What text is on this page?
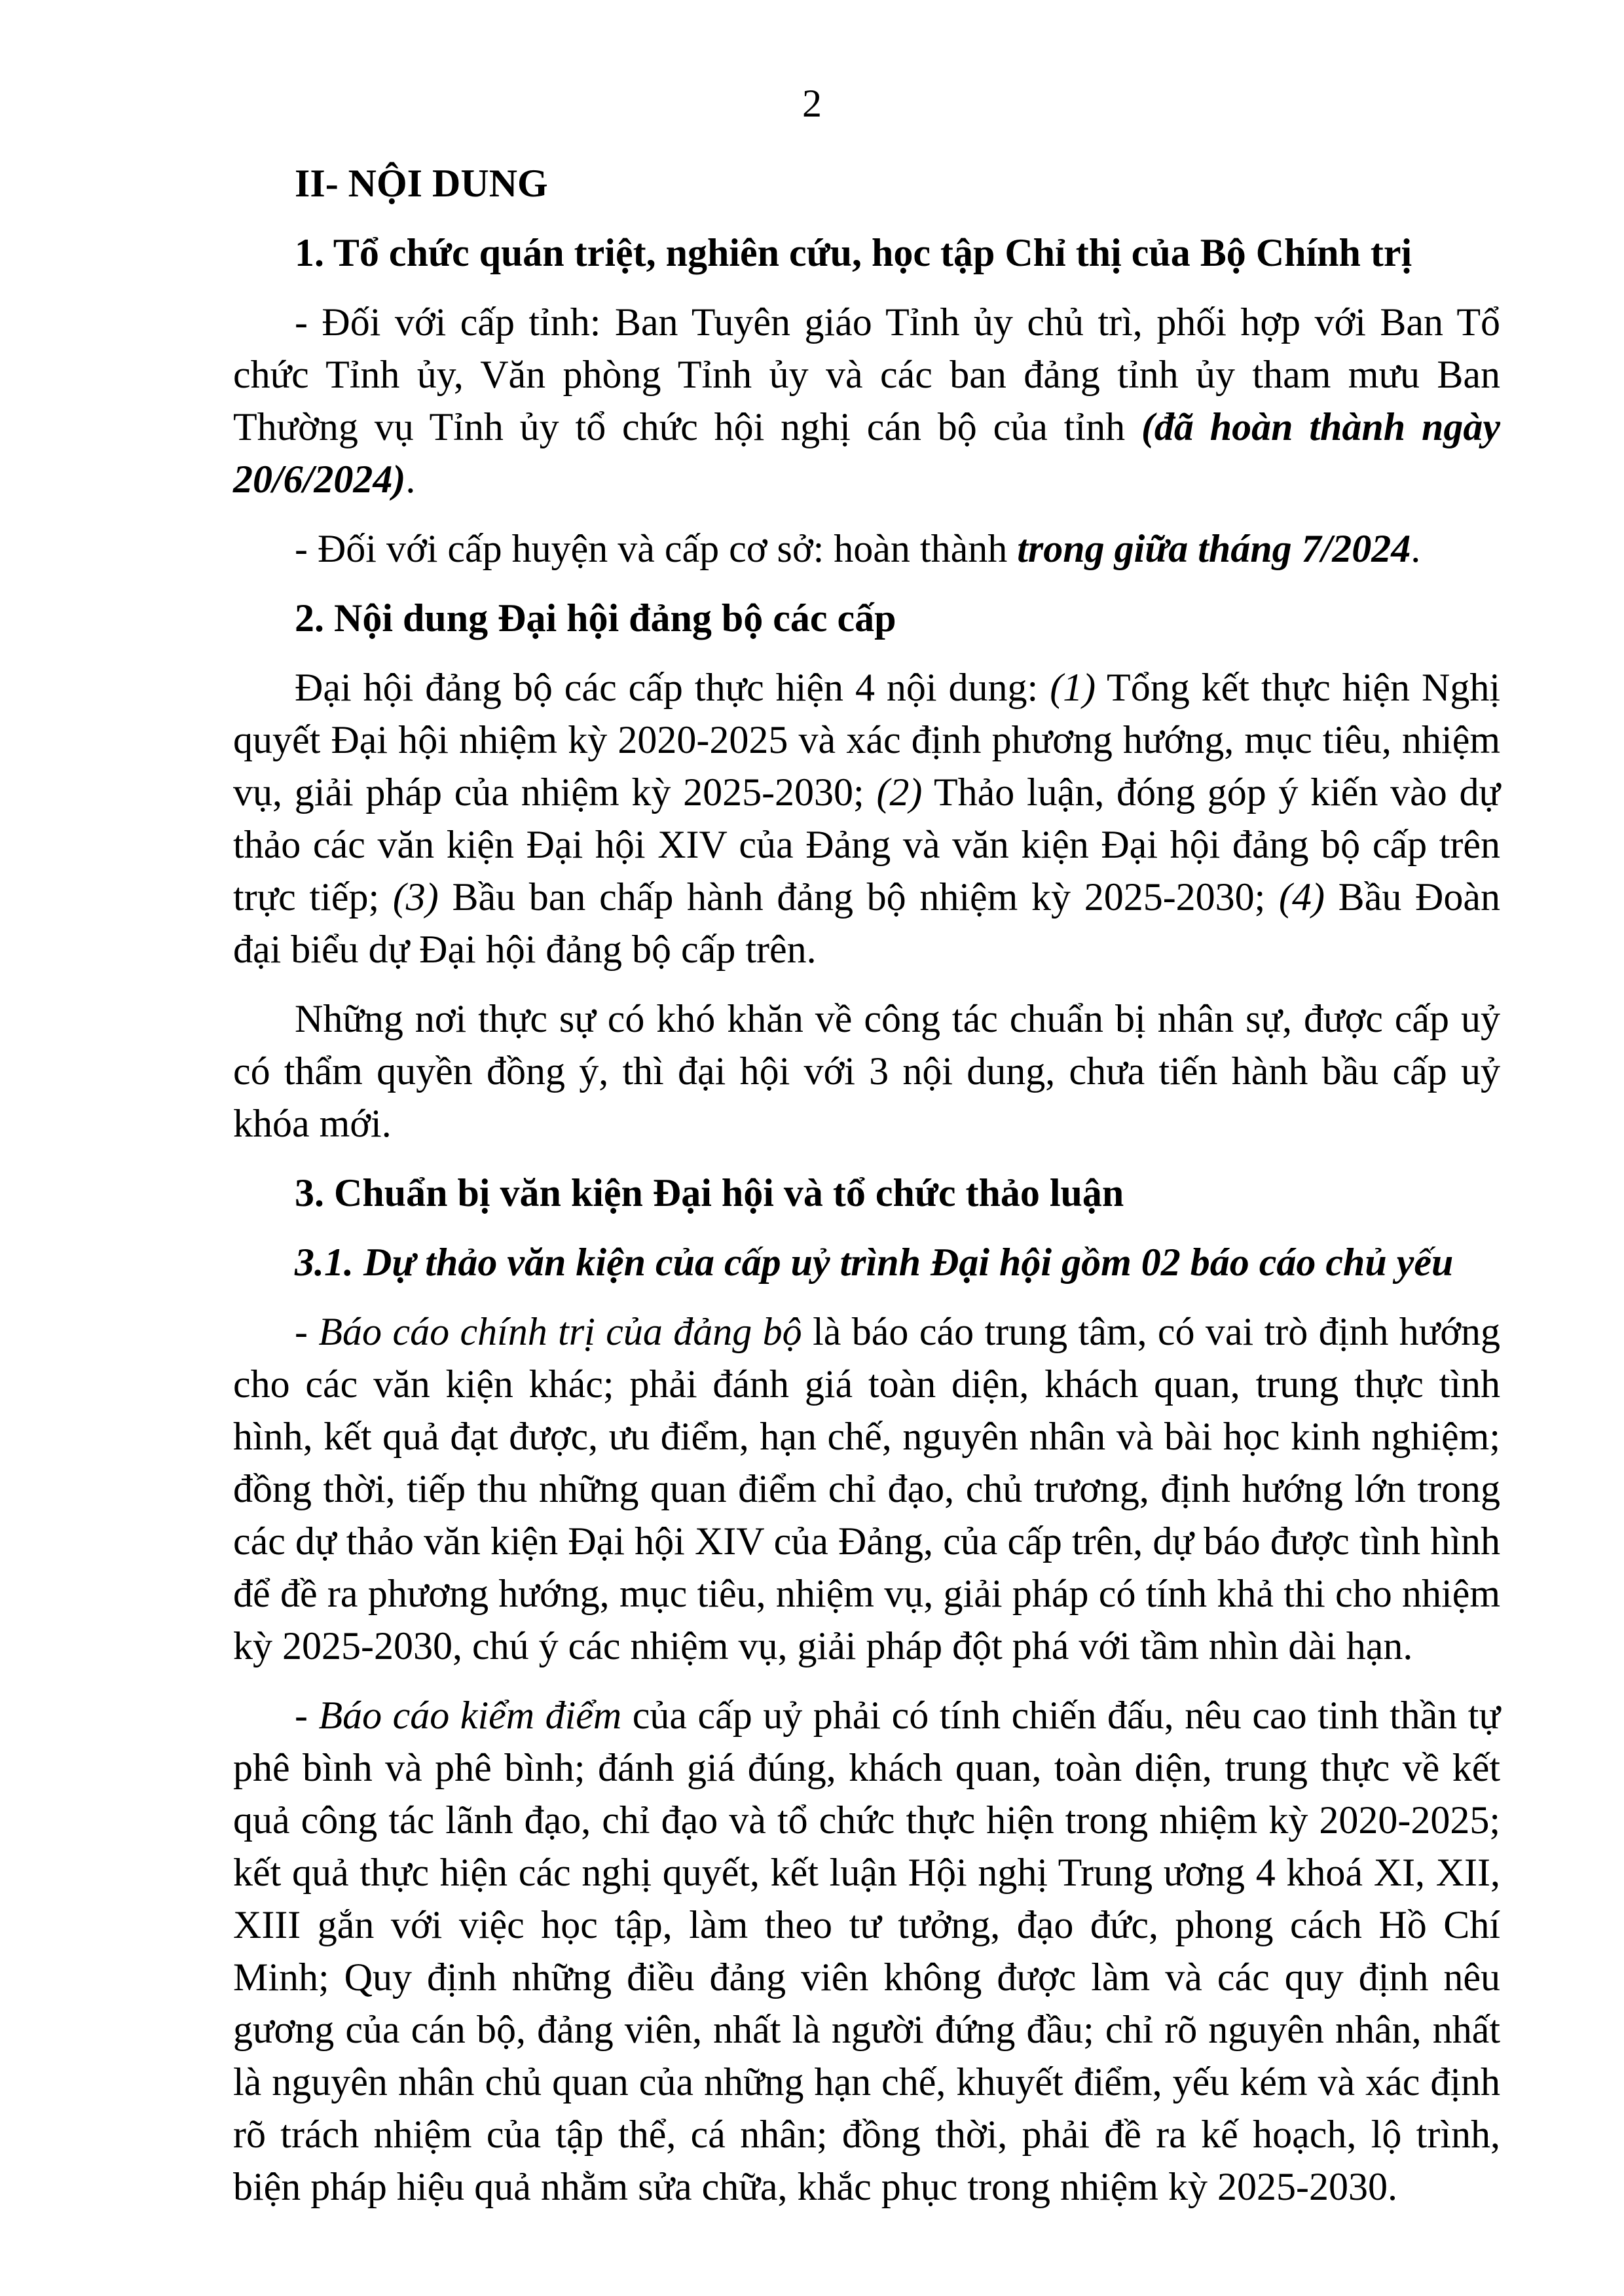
2

II- NỘI DUNG

1. Tổ chức quán triệt, nghiên cứu, học tập Chỉ thị của Bộ Chính trị

- Đối với cấp tỉnh: Ban Tuyên giáo Tỉnh ủy chủ trì, phối hợp với Ban Tổ chức Tỉnh ủy, Văn phòng Tỉnh ủy và các ban đảng tỉnh ủy tham mưu Ban Thường vụ Tỉnh ủy tổ chức hội nghị cán bộ của tỉnh (đã hoàn thành ngày 20/6/2024).

- Đối với cấp huyện và cấp cơ sở: hoàn thành trong giữa tháng 7/2024.

2. Nội dung Đại hội đảng bộ các cấp

Đại hội đảng bộ các cấp thực hiện 4 nội dung: (1) Tổng kết thực hiện Nghị quyết Đại hội nhiệm kỳ 2020-2025 và xác định phương hướng, mục tiêu, nhiệm vụ, giải pháp của nhiệm kỳ 2025-2030; (2) Thảo luận, đóng góp ý kiến vào dự thảo các văn kiện Đại hội XIV của Đảng và văn kiện Đại hội đảng bộ cấp trên trực tiếp; (3) Bầu ban chấp hành đảng bộ nhiệm kỳ 2025-2030; (4) Bầu Đoàn đại biểu dự Đại hội đảng bộ cấp trên.

Những nơi thực sự có khó khăn về công tác chuẩn bị nhân sự, được cấp uỷ có thẩm quyền đồng ý, thì đại hội với 3 nội dung, chưa tiến hành bầu cấp uỷ khóa mới.

3. Chuẩn bị văn kiện Đại hội và tổ chức thảo luận

3.1. Dự thảo văn kiện của cấp uỷ trình Đại hội gồm 02 báo cáo chủ yếu

- Báo cáo chính trị của đảng bộ là báo cáo trung tâm, có vai trò định hướng cho các văn kiện khác; phải đánh giá toàn diện, khách quan, trung thực tình hình, kết quả đạt được, ưu điểm, hạn chế, nguyên nhân và bài học kinh nghiệm; đồng thời, tiếp thu những quan điểm chỉ đạo, chủ trương, định hướng lớn trong các dự thảo văn kiện Đại hội XIV của Đảng, của cấp trên, dự báo được tình hình để đề ra phương hướng, mục tiêu, nhiệm vụ, giải pháp có tính khả thi cho nhiệm kỳ 2025-2030, chú ý các nhiệm vụ, giải pháp đột phá với tầm nhìn dài hạn.

- Báo cáo kiểm điểm của cấp uỷ phải có tính chiến đấu, nêu cao tinh thần tự phê bình và phê bình; đánh giá đúng, khách quan, toàn diện, trung thực về kết quả công tác lãnh đạo, chỉ đạo và tổ chức thực hiện trong nhiệm kỳ 2020-2025; kết quả thực hiện các nghị quyết, kết luận Hội nghị Trung ương 4 khoá XI, XII, XIII gắn với việc học tập, làm theo tư tưởng, đạo đức, phong cách Hồ Chí Minh; Quy định những điều đảng viên không được làm và các quy định nêu gương của cán bộ, đảng viên, nhất là người đứng đầu; chỉ rõ nguyên nhân, nhất là nguyên nhân chủ quan của những hạn chế, khuyết điểm, yếu kém và xác định rõ trách nhiệm của tập thể, cá nhân; đồng thời, phải đề ra kế hoạch, lộ trình, biện pháp hiệu quả nhằm sửa chữa, khắc phục trong nhiệm kỳ 2025-2030.
